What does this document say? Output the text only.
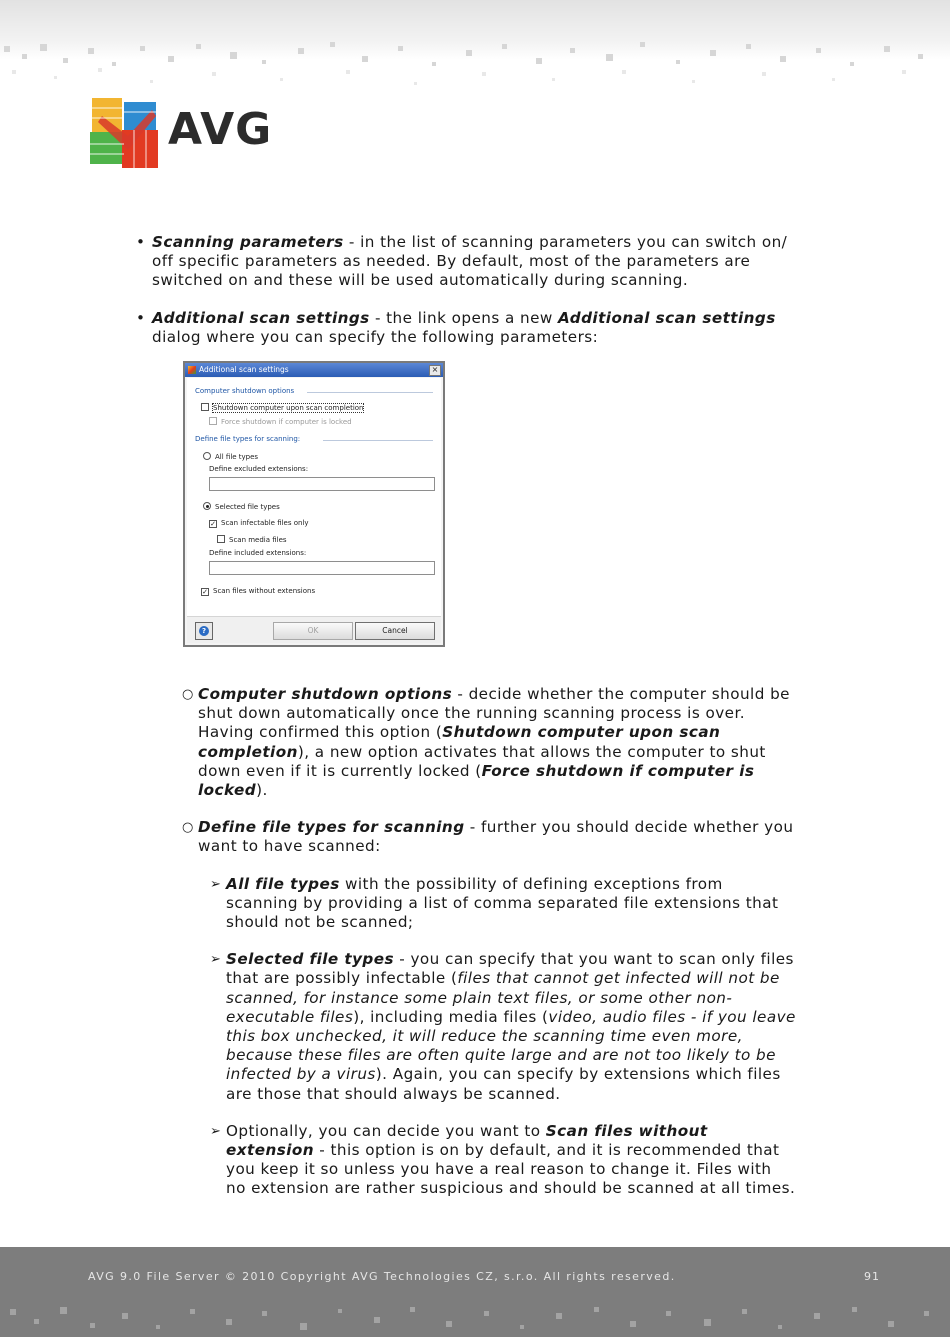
AVG
• Scanning parameters - in the list of scanning parameters you can switch on/ off specific parameters as needed. By default, most of the parameters are switched on and these will be used automatically during scanning.

• Additional scan settings - the link opens a new Additional scan settings dialog where you can specify the following parameters:

Additional scan settings	×
Computer shutdown options
Shutdown computer upon scan completion
Force shutdown if computer is locked
Define file types for scanning:
All file types
Define excluded extensions:
Selected file types
✓ Scan infectable files only
Scan media files
Define included extensions:
✓ Scan files without extensions
?	OK	Cancel
○ Computer shutdown options - decide whether the computer should be shut down automatically once the running scanning process is over. Having confirmed this option (Shutdown computer upon scan completion), a new option activates that allows the computer to shut down even if it is currently locked (Force shutdown if computer is locked).

○ Define file types for scanning - further you should decide whether you want to have scanned:

➢ All file types with the possibility of defining exceptions from scanning by providing a list of comma separated file extensions that should not be scanned;

➢ Selected file types - you can specify that you want to scan only files that are possibly infectable (files that cannot get infected will not be scanned, for instance some plain text files, or some other non-executable files), including media files (video, audio files - if you leave this box unchecked, it will reduce the scanning time even more, because these files are often quite large and are not too likely to be infected by a virus). Again, you can specify by extensions which files are those that should always be scanned.

➢ Optionally, you can decide you want to Scan files without extension - this option is on by default, and it is recommended that you keep it so unless you have a real reason to change it. Files with no extension are rather suspicious and should be scanned at all times.

AVG 9.0 File Server © 2010 Copyright AVG Technologies CZ, s.r.o. All rights reserved.	91
